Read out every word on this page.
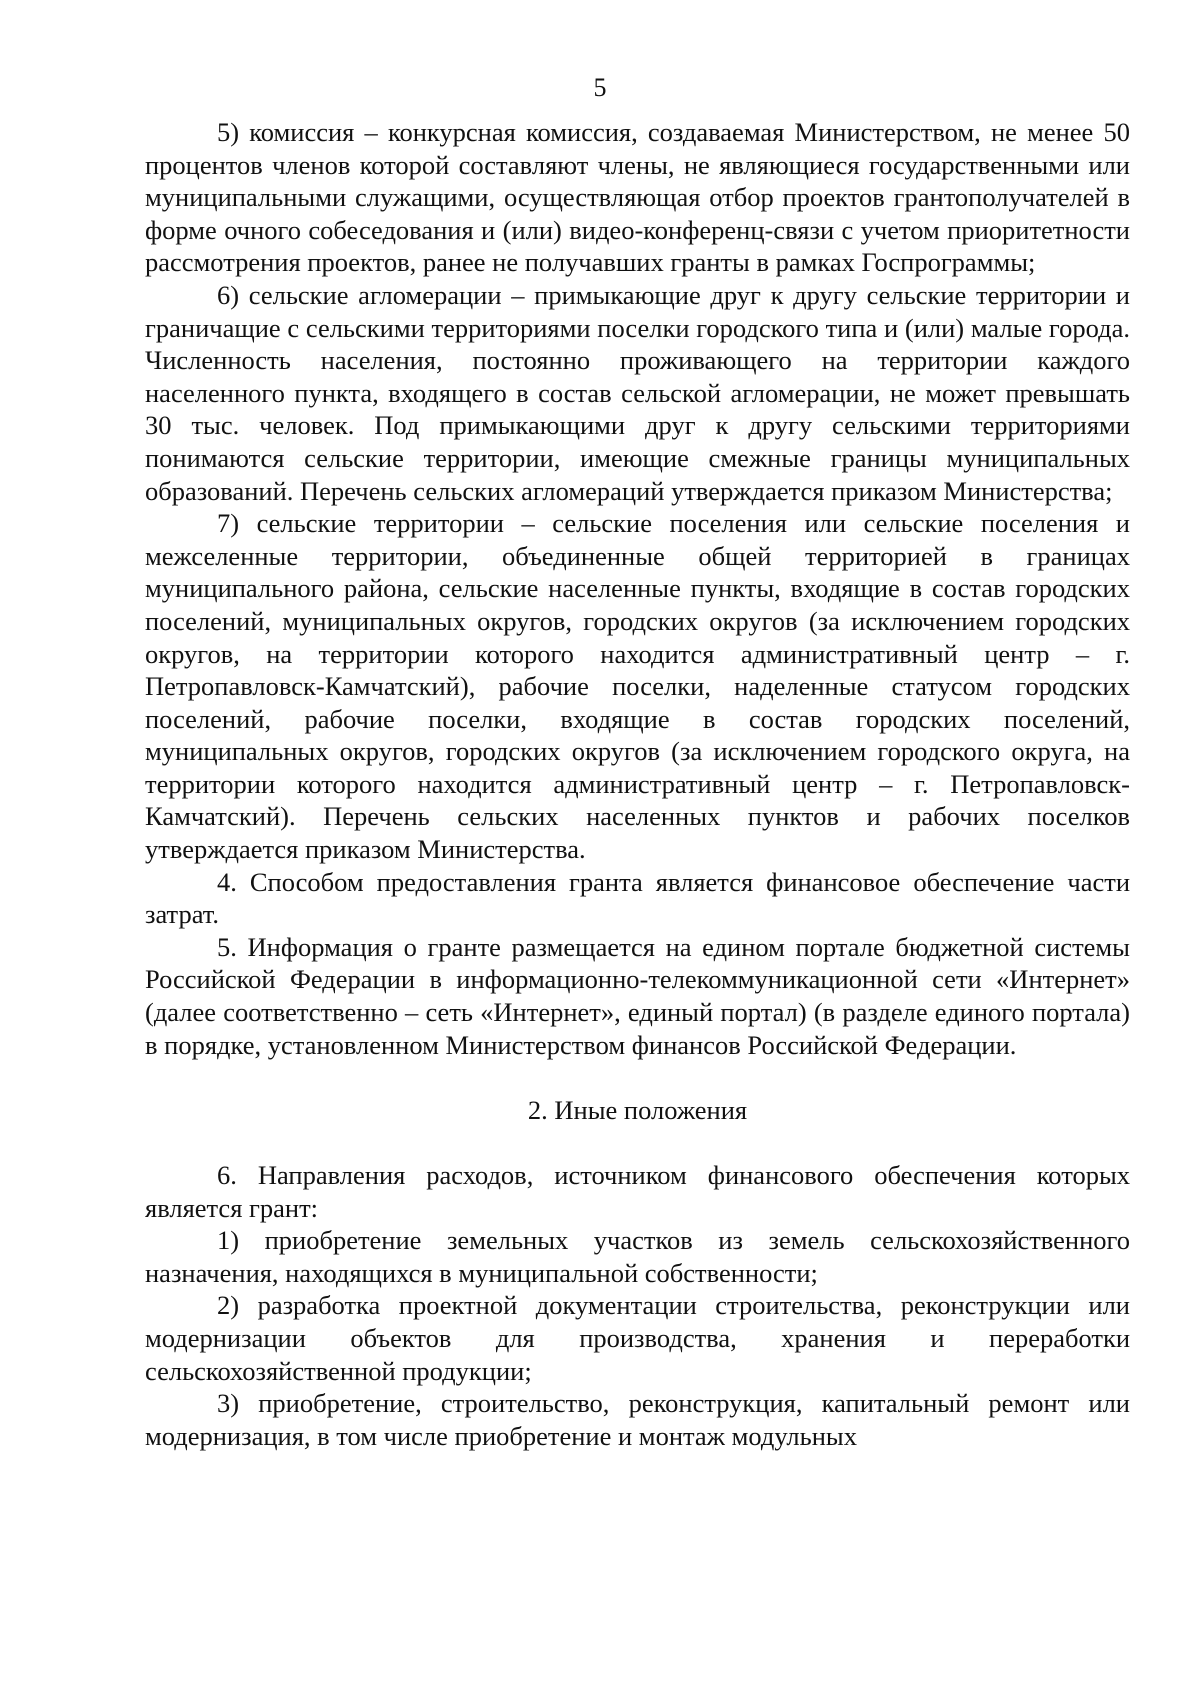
5

5) комиссия – конкурсная комиссия, создаваемая Министерством, не менее 50 процентов членов которой составляют члены, не являющиеся государственными или муниципальными служащими, осуществляющая отбор проектов грантополучателей в форме очного собеседования и (или) видео-конференц-связи с учетом приоритетности рассмотрения проектов, ранее не получавших гранты в рамках Госпрограммы;

6) сельские агломерации – примыкающие друг к другу сельские территории и граничащие с сельскими территориями поселки городского типа и (или) малые города. Численность населения, постоянно проживающего на территории каждого населенного пункта, входящего в состав сельской агломерации, не может превышать 30 тыс. человек. Под примыкающими друг к другу сельскими территориями понимаются сельские территории, имеющие смежные границы муниципальных образований. Перечень сельских агломераций утверждается приказом Министерства;

7) сельские территории – сельские поселения или сельские поселения и межселенные территории, объединенные общей территорией в границах муниципального района, сельские населенные пункты, входящие в состав городских поселений, муниципальных округов, городских округов (за исключением городских округов, на территории которого находится административный центр – г. Петропавловск-Камчатский), рабочие поселки, наделенные статусом городских поселений, рабочие поселки, входящие в состав городских поселений, муниципальных округов, городских округов (за исключением городского округа, на территории которого находится административный центр – г. Петропавловск-Камчатский). Перечень сельских населенных пунктов и рабочих поселков утверждается приказом Министерства.

4. Способом предоставления гранта является финансовое обеспечение части затрат.

5. Информация о гранте размещается на едином портале бюджетной системы Российской Федерации в информационно-телекоммуникационной сети «Интернет» (далее соответственно – сеть «Интернет», единый портал) (в разделе единого портала) в порядке, установленном Министерством финансов Российской Федерации.

2. Иные положения

6. Направления расходов, источником финансового обеспечения которых является грант:

1) приобретение земельных участков из земель сельскохозяйственного назначения, находящихся в муниципальной собственности;

2) разработка проектной документации строительства, реконструкции или модернизации объектов для производства, хранения и переработки сельскохозяйственной продукции;

3) приобретение, строительство, реконструкция, капитальный ремонт или модернизация, в том числе приобретение и монтаж модульных
